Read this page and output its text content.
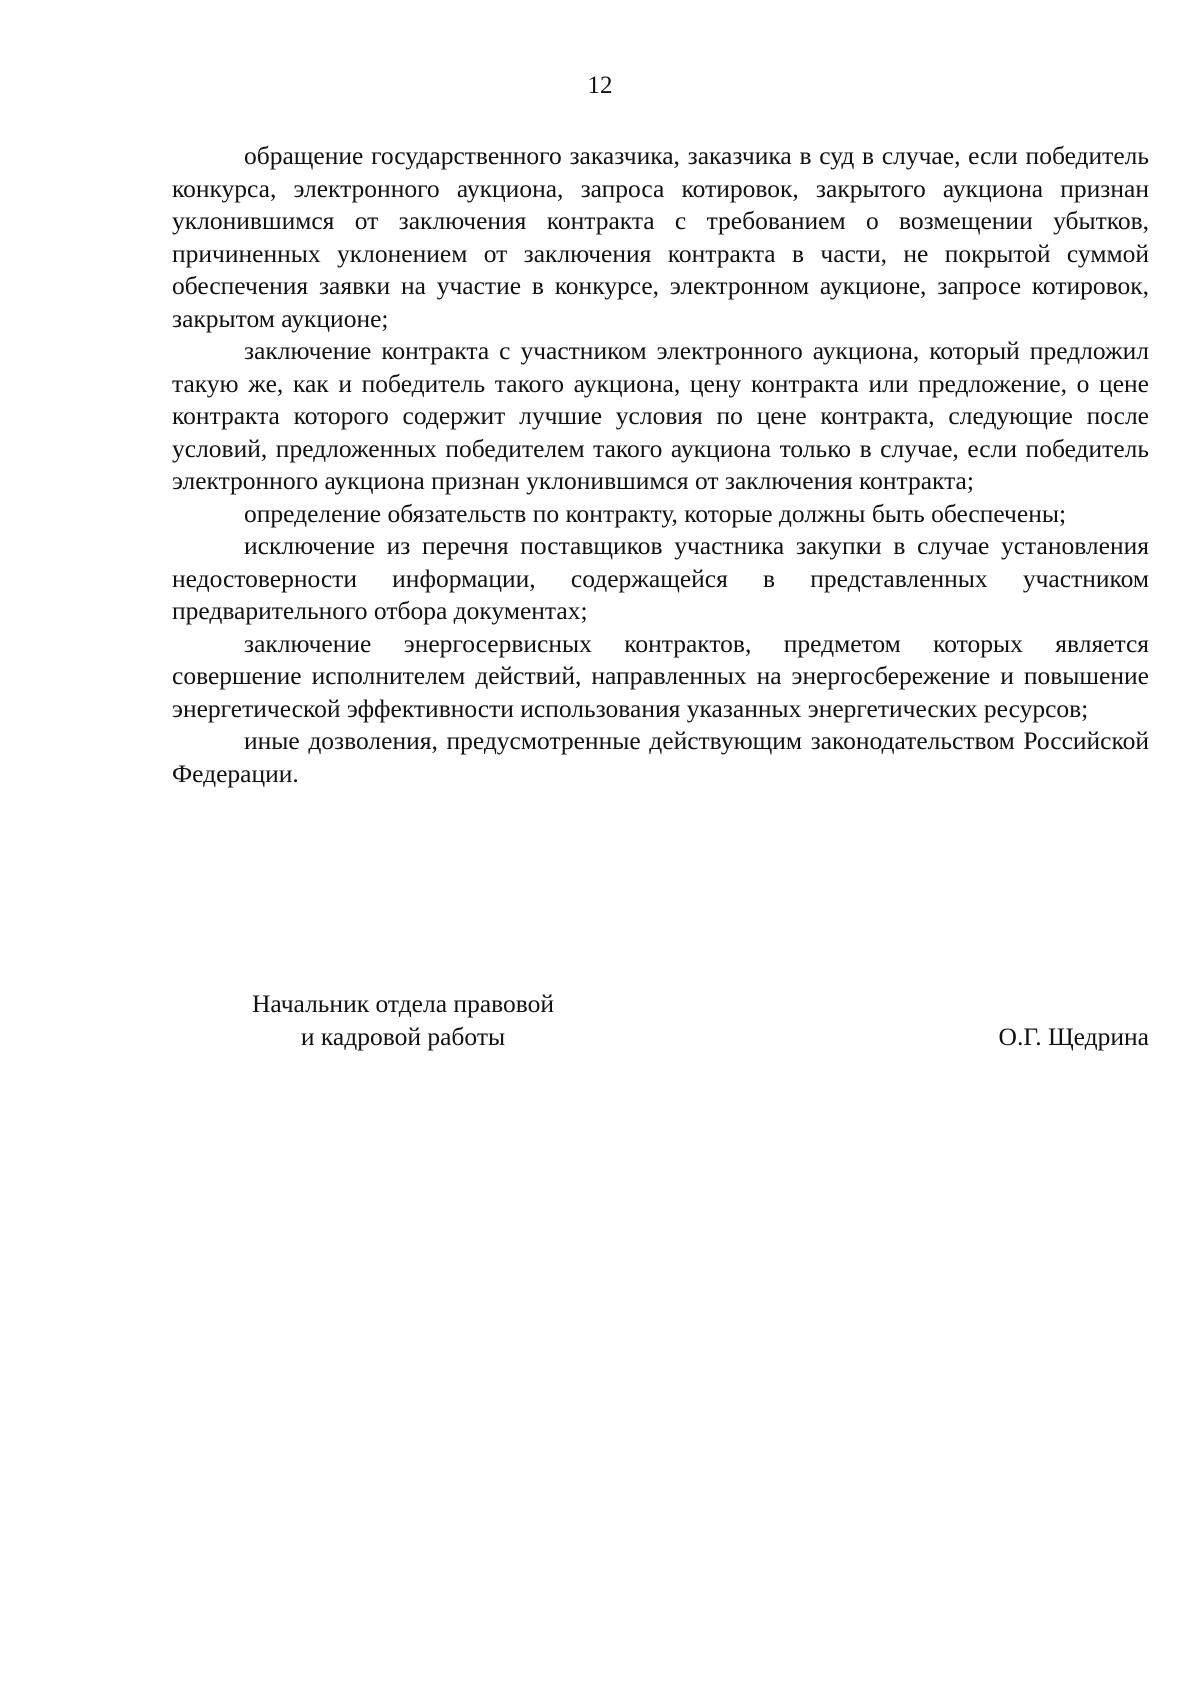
12

обращение государственного заказчика, заказчика в суд в случае, если победитель конкурса, электронного аукциона, запроса котировок, закрытого аукциона признан уклонившимся от заключения контракта с требованием о возмещении убытков, причиненных уклонением от заключения контракта в части, не покрытой суммой обеспечения заявки на участие в конкурсе, электронном аукционе, запросе котировок, закрытом аукционе;

заключение контракта с участником электронного аукциона, который предложил такую же, как и победитель такого аукциона, цену контракта или предложение, о цене контракта которого содержит лучшие условия по цене контракта, следующие после условий, предложенных победителем такого аукциона только в случае, если победитель электронного аукциона признан уклонившимся от заключения контракта;

определение обязательств по контракту, которые должны быть обеспечены;

исключение из перечня поставщиков участника закупки в случае установления недостоверности информации, содержащейся в представленных участником предварительного отбора документах;

заключение энергосервисных контрактов, предметом которых является совершение исполнителем действий, направленных на энергосбережение и повышение энергетической эффективности использования указанных энергетических ресурсов;

иные дозволения, предусмотренные действующим законодательством Российской Федерации.

Начальник отдела правовой
и кадровой работы	О.Г. Щедрина
